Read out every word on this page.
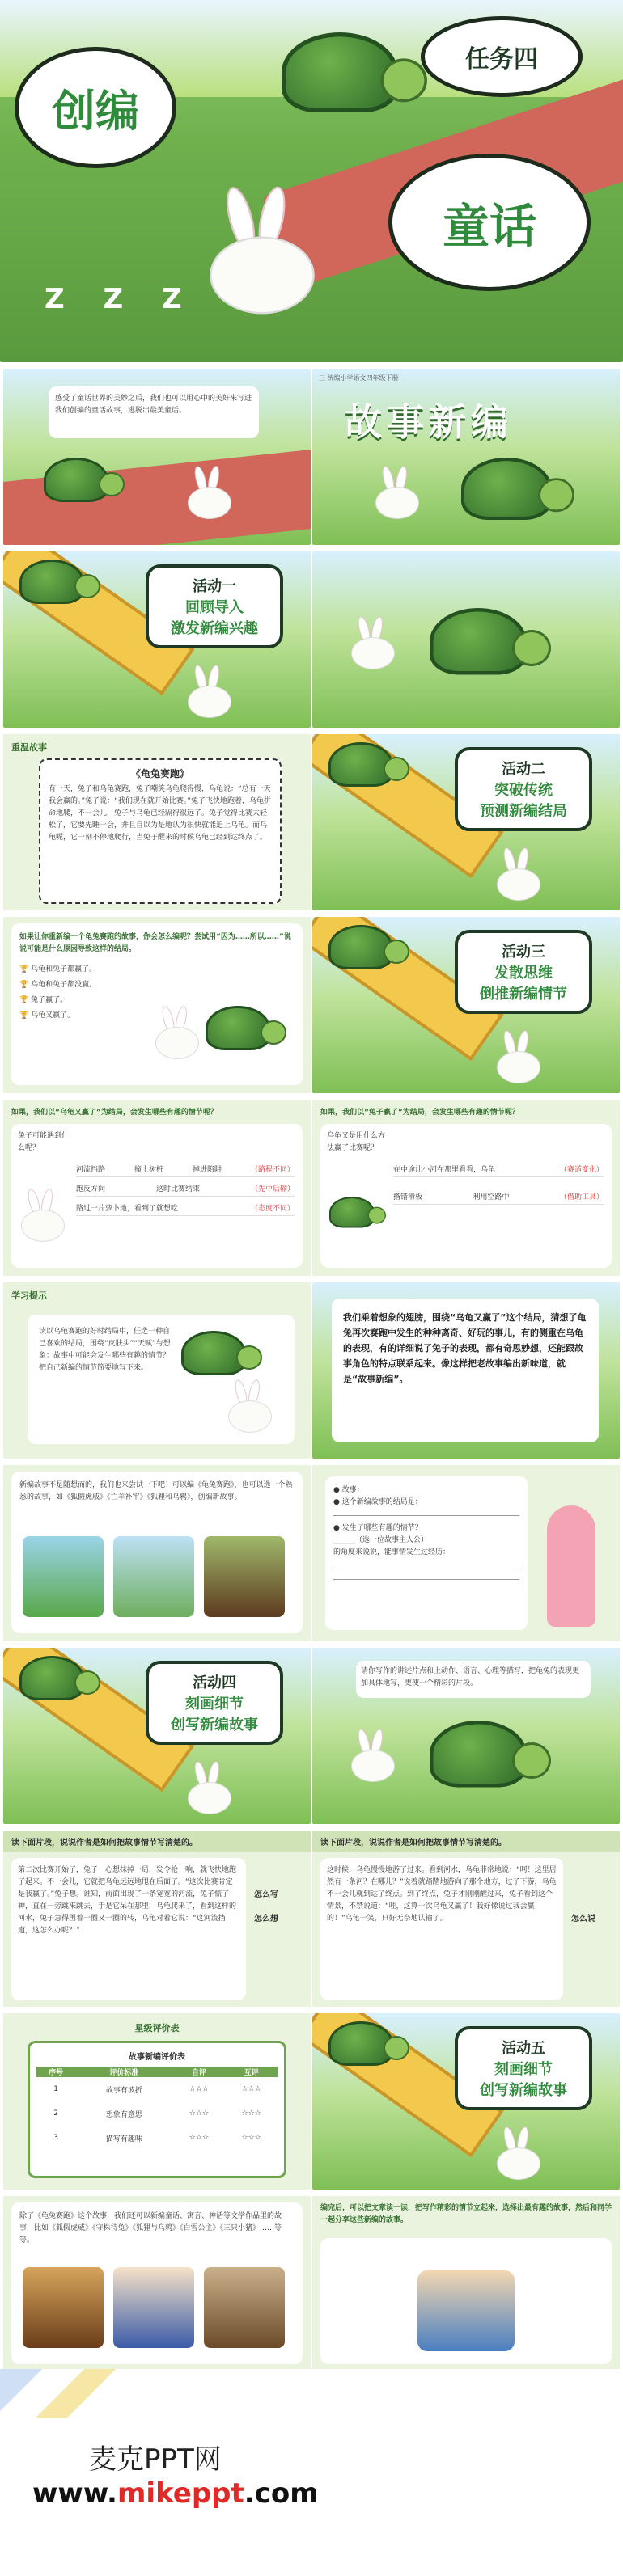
创编
任务四
童话
Z Z Z

感受了童话世界的美妙之后，我们也可以用心中的美好来写进我们创编的童话故事，逃脱出最美童话。

三 统编小学语文四年级下册
故事新编
活动一
回顾导入
激发新编兴趣
重温故事
《龟兔赛跑》

有一天，兔子和乌龟赛跑，兔子嘲笑乌龟爬得慢，乌龟说：“总有一天我会赢的。”兔子说：“我们现在就开始比赛。”兔子飞快地跑着，乌龟拼命地爬，不一会儿，兔子与乌龟已经隔得很远了。兔子觉得比赛太轻松了，它要先睡一会，并且自以为是地认为很快就能追上乌龟。而乌龟呢，它一刻不停地爬行，当兔子醒来的时候乌龟已经到达终点了。

活动二
突破传统
预测新编结局

如果让你重新编一个龟兔赛跑的故事，你会怎么编呢？尝试用“因为……所以……”说说可能是什么原因导致这样的结局。

🏆 乌龟和兔子都赢了。
🏆 乌龟和兔子都没赢。
🏆 兔子赢了。
🏆 乌龟又赢了。
活动三
发散思维
倒推新编情节
如果，我们以“乌龟又赢了”为结局，会发生哪些有趣的情节呢？
兔子可能遇到什么呢？
河流挡路	撞上树桩	掉进陷阱	（路程不同）
跑反方向	这时比赛结束	（先中后输）
路过一片萝卜地，看到了就想吃	（态度不同）
如果，我们以“兔子赢了”为结局，会发生哪些有趣的情节呢？
乌龟又是用什么方法赢了比赛呢？
在中途让小河在那里看看，乌龟	（赛道变化）
搭错滑板	利用空路中	（借助工具）
学习提示

读以乌龟赛跑的好时结局中，任选一种自己喜欢的结局，围绕“皮肤头”“天赋”与想象：故事中可能会发生哪些有趣的情节？把自己新编的情节简要地写下来。

我们乘着想象的翅膀，围绕“乌龟又赢了”这个结局，猜想了龟兔再次赛跑中发生的种种离奇、好玩的事儿，有的侧重在乌龟的表现，有的详细说了兔子的表现，都有奇思妙想，还能跟故事角色的特点联系起来。像这样把老故事编出新味道，就是“故事新编”。

新编故事不是随想而的，我们也来尝试一下吧！可以编《龟兔赛跑》，也可以选一个熟悉的故事，如《狐假虎威》《亡羊补牢》《狐狸和乌鸦》，创编新故事。

● 故事：

● 这个新编故事的结局是：

● 发生了哪些有趣的情节？

______（选一位故事主人公）

的角度来说说，能事情发生过经历：

活动四
刻画细节
创写新编故事

请你写作的讲述片点和上动作、语言、心理等描写，把龟兔的表现更加具体地写，更使一个精彩的片段。

读下面片段，说说作者是如何把故事情节写清楚的。

第二次比赛开始了，兔子一心想抹掉一局，发令枪一响，就飞快地跑了起来。不一会儿，它就把乌龟远远地甩在后面了。“这次比赛肯定是我赢了。”兔子想。谁知，前面出现了一条宽宽的河流，兔子慌了神，直在一旁跳来跳去，于是它呆在那里，乌龟爬来了，看到这样的河水，兔子急得围着一圈又一圈的转，乌龟对着它说：“这河流挡道，这怎么办呢？”

怎么写
怎么想
读下面片段，说说作者是如何把故事情节写清楚的。

这时候，乌龟慢慢地游了过来。看到河水，乌龟非常地说：“呵！这里居然有一条河？在哪儿？”说着就踏踏地游向了那个地方，过了下游，乌龟不一会儿就到达了终点。到了终点，兔子才刚刚醒过来，兔子看到这个情景，不禁说道：“哇，这算一次乌龟又赢了！我好像说过我会赢的！”乌龟一笑，只好无奈地认输了。	怎么说
星级评价表
故事新编评价表
序号	评价标准	自评	互评
1	故事有波折	☆☆☆	☆☆☆
2	想象有意思	☆☆☆	☆☆☆
3	描写有趣味	☆☆☆	☆☆☆
活动五
刻画细节
创写新编故事

除了《龟兔赛跑》这个故事，我们还可以新编童话、寓言、神话等文学作品里的故事，比如《狐假虎威》《守株待兔》《狐狸与乌鸦》《白雪公主》《三只小猪》……等等。

编完后，可以把文章读一读，把写作精彩的情节立起来，选择出最有趣的故事，然后和同学一起分享这些新编的故事。
麦克PPT网
www.mikeppt.com
